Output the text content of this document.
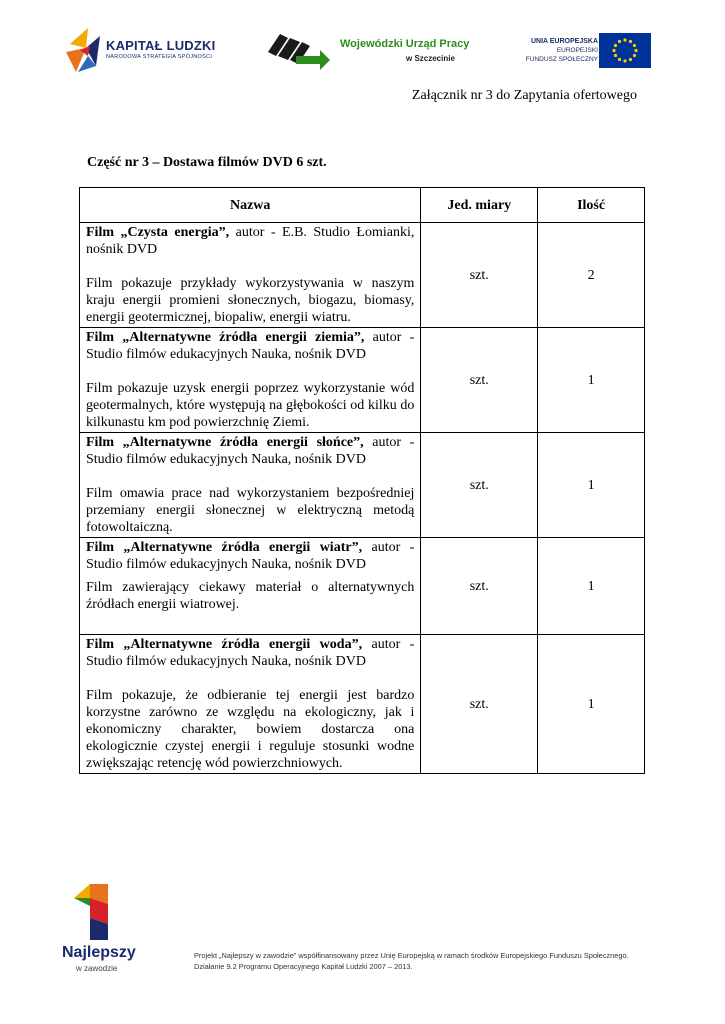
KAPITAŁ LUDZKI
NARODOWA STRATEGIA SPÓJNOŚCI
Wojewódzki Urząd Pracy
w Szczecinie
UNIA EUROPEJSKA
EUROPEJSKI
FUNDUSZ SPOŁECZNY
Załącznik nr 3 do Zapytania ofertowego
Część nr 3 – Dostawa filmów DVD 6 szt.
Nazwa	Jed. miary	Ilość

Film „Czysta energia”, autor - E.B. Studio Łomianki, nośnik DVD
Film pokazuje przykłady wykorzystywania w naszym kraju energii promieni słonecznych, biogazu, biomasy, energii geotermicznej, biopaliw, energii wiatru.	szt.	2

Film „Alternatywne źródła energii ziemia”, autor - Studio filmów edukacyjnych Nauka, nośnik DVD
Film pokazuje uzysk energii poprzez wykorzystanie wód geotermalnych, które występują na głębokości od kilku do kilkunastu km pod powierzchnię Ziemi.	szt.	1

Film „Alternatywne źródła energii słońce”, autor - Studio filmów edukacyjnych Nauka, nośnik DVD
Film omawia prace nad wykorzystaniem bezpośredniej przemiany energii słonecznej w elektryczną metodą fotowoltaiczną.	szt.	1

Film „Alternatywne źródła energii wiatr”, autor - Studio filmów edukacyjnych Nauka, nośnik DVD
Film zawierający ciekawy materiał o alternatywnych źródłach energii wiatrowej.	szt.	1

Film „Alternatywne źródła energii woda”, autor - Studio filmów edukacyjnych Nauka, nośnik DVD
Film pokazuje, że odbieranie tej energii jest bardzo korzystne zarówno ze względu na ekologiczny, jak i ekonomiczny charakter, bowiem dostarcza ona ekologicznie czystej energii i reguluje stosunki wodne zwiększając retencję wód powierzchniowych.	szt.	1
Najlepszy
w zawodzie
Projekt „Najlepszy w zawodzie” współfinansowany przez Unię Europejską w ramach środków Europejskiego Funduszu Społecznego.
Działanie 9.2 Programu Operacyjnego Kapitał Ludzki 2007 – 2013.
